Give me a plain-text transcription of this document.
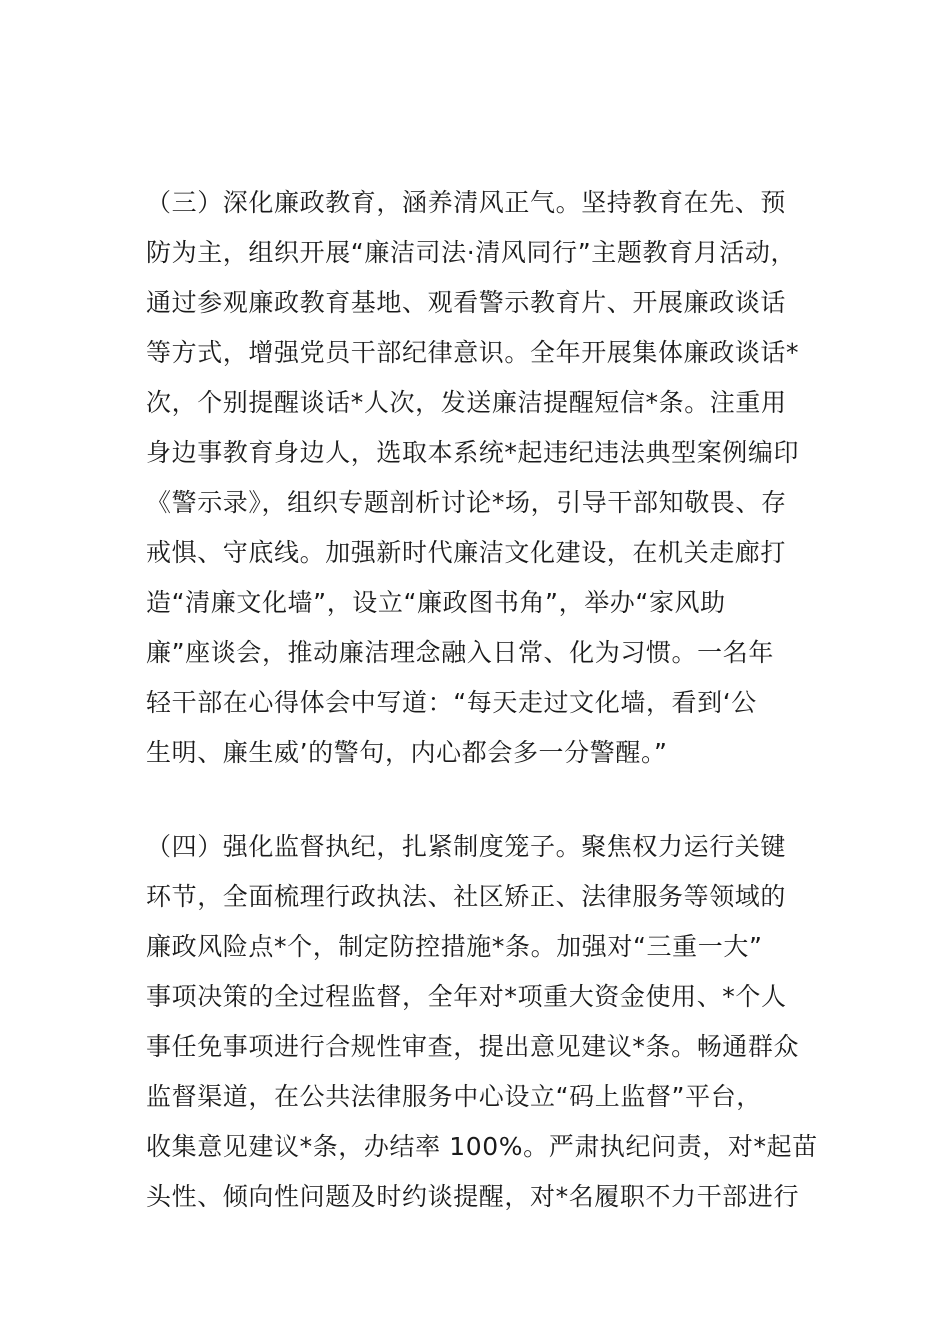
（三）深化廉政教育，涵养清风正气。坚持教育在先、预
防为主，组织开展“廉洁司法·清风同行”主题教育月活动，
通过参观廉政教育基地、观看警示教育片、开展廉政谈话
等方式，增强党员干部纪律意识。全年开展集体廉政谈话*
次，个别提醒谈话*人次，发送廉洁提醒短信*条。注重用
身边事教育身边人，选取本系统*起违纪违法典型案例编印
《警示录》，组织专题剖析讨论*场，引导干部知敬畏、存
戒惧、守底线。加强新时代廉洁文化建设，在机关走廊打
造“清廉文化墙”，设立“廉政图书角”，举办“家风助
廉”座谈会，推动廉洁理念融入日常、化为习惯。一名年
轻干部在心得体会中写道：“每天走过文化墙，看到‘公
生明、廉生威’的警句，内心都会多一分警醒。”
（四）强化监督执纪，扎紧制度笼子。聚焦权力运行关键
环节，全面梳理行政执法、社区矫正、法律服务等领域的
廉政风险点*个，制定防控措施*条。加强对“三重一大”
事项决策的全过程监督，全年对*项重大资金使用、*个人
事任免事项进行合规性审查，提出意见建议*条。畅通群众
监督渠道，在公共法律服务中心设立“码上监督”平台，
收集意见建议*条，办结率 100%。严肃执纪问责，对*起苗
头性、倾向性问题及时约谈提醒，对*名履职不力干部进行
